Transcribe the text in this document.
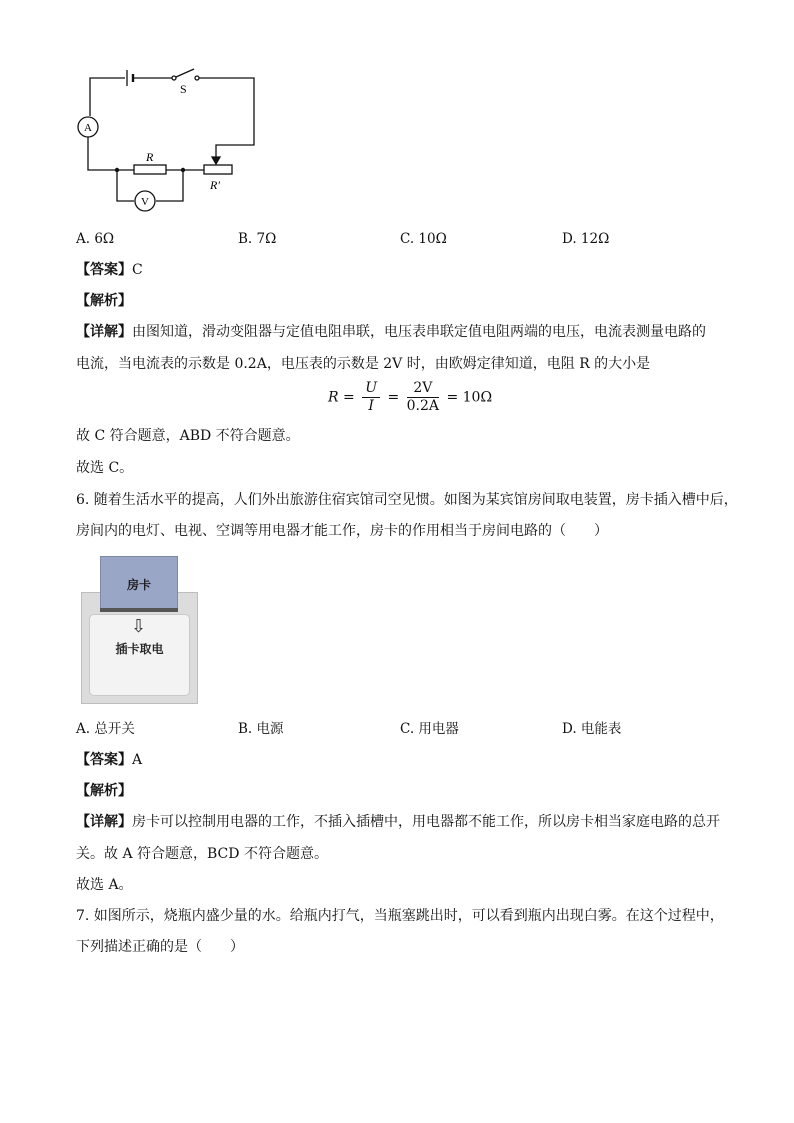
S
A
V
R
R′
A. 6Ω	B. 7Ω	C. 10Ω	D. 12Ω
【答案】C
【解析】
【详解】由图知道，滑动变阻器与定值电阻串联，电压表串联定值电阻两端的电压，电流表测量电路的
电流，当电流表的示数是 0.2A，电压表的示数是 2V 时，由欧姆定律知道，电阻 R 的大小是
$R = \frac{U}{I} = \frac{2V}{0.2A} = 10\Omega$
故 C 符合题意，ABD 不符合题意。
故选 C。
6. 随着生活水平的提高，人们外出旅游住宿宾馆司空见惯。如图为某宾馆房间取电装置，房卡插入槽中后，
房间内的电灯、电视、空调等用电器才能工作，房卡的作用相当于房间电路的（　　）
房卡
⇩
插卡取电
A. 总开关	B. 电源	C. 用电器	D. 电能表
【答案】A
【解析】
【详解】房卡可以控制用电器的工作，不插入插槽中，用电器都不能工作，所以房卡相当家庭电路的总开
关。故 A 符合题意，BCD 不符合题意。
故选 A。
7. 如图所示，烧瓶内盛少量的水。给瓶内打气，当瓶塞跳出时，可以看到瓶内出现白雾。在这个过程中，
下列描述正确的是（　　）
